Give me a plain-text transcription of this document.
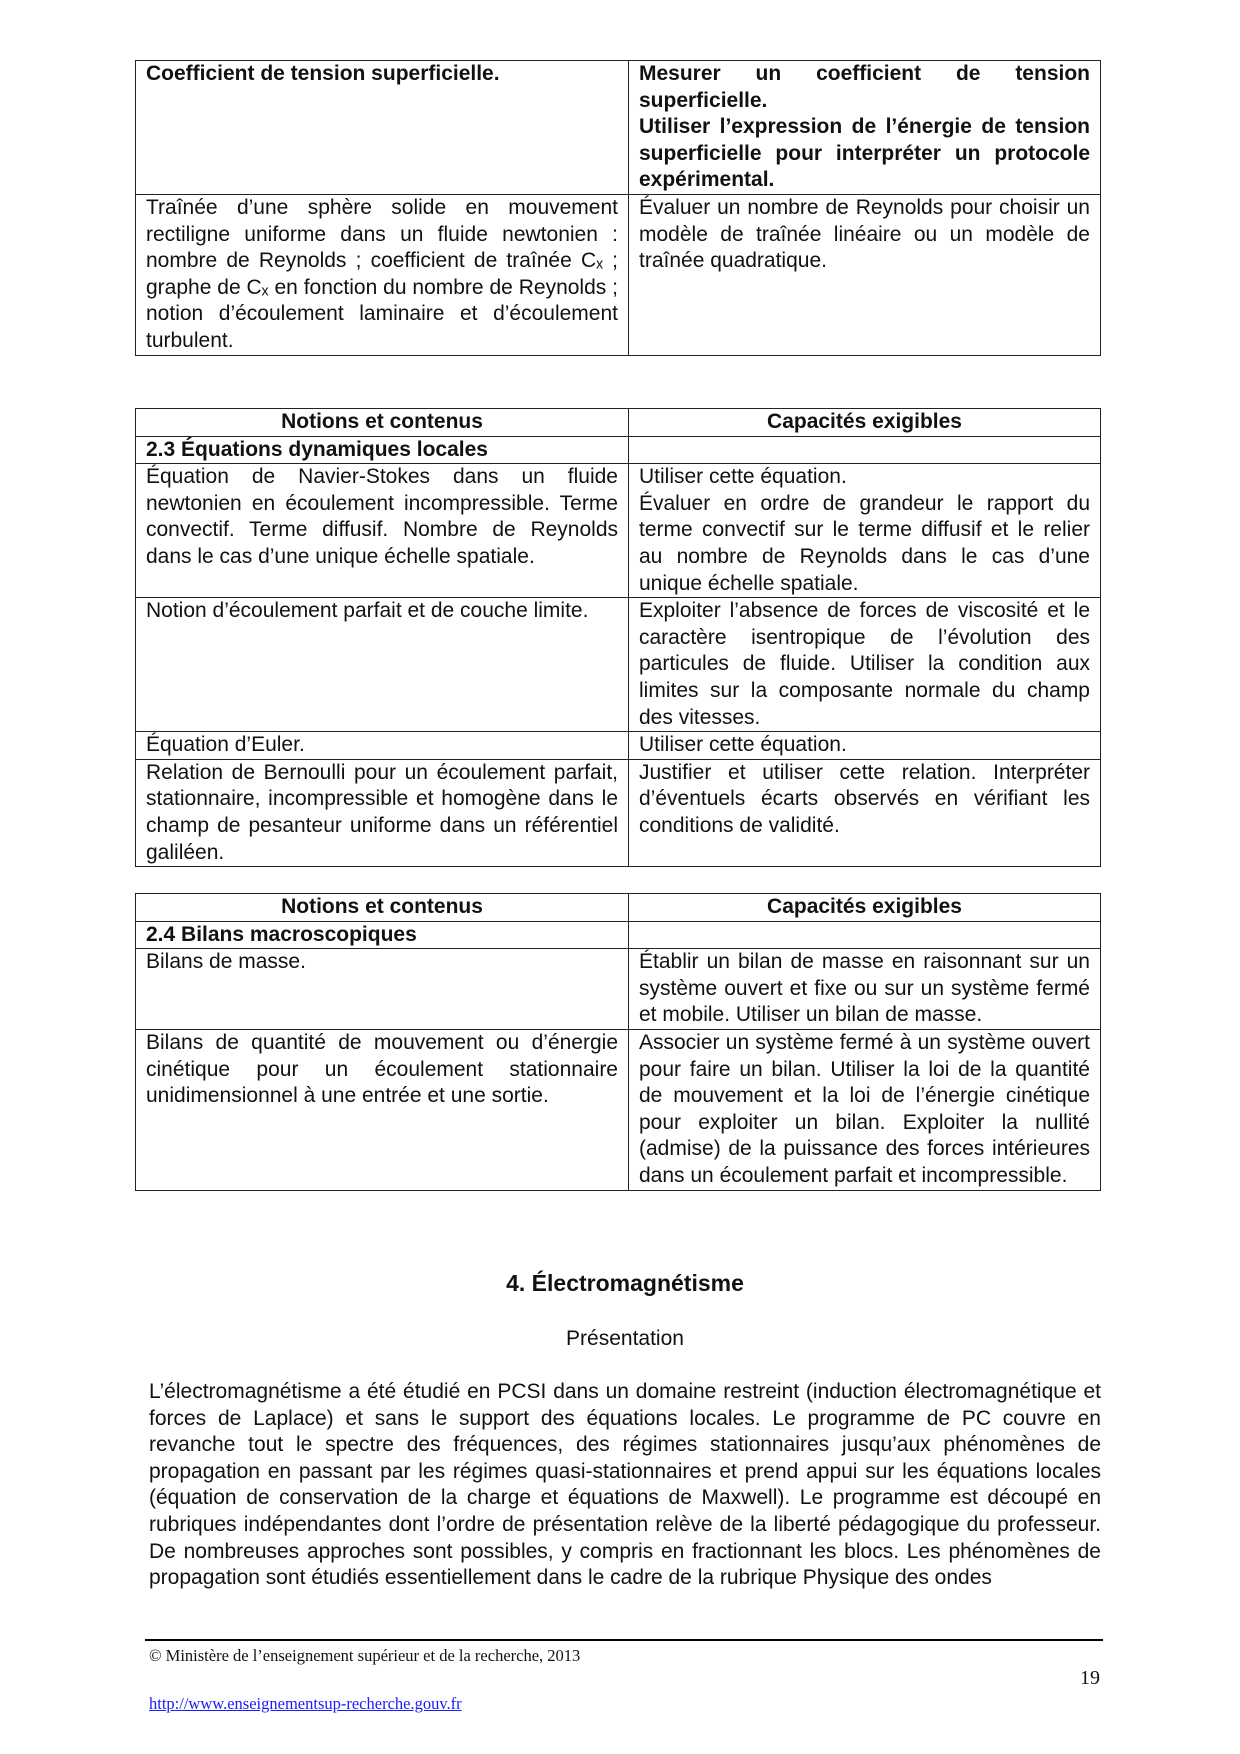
Coefficient de tension superficielle.	Mesurer un coefficient de tension superficielle.
Utiliser l’expression de l’énergie de tension superficielle pour interpréter un protocole expérimental.
Traînée d’une sphère solide en mouvement rectiligne uniforme dans un fluide newtonien : nombre de Reynolds ; coefficient de traînée Cₓ ; graphe de Cₓ en fonction du nombre de Reynolds ; notion d’écoulement laminaire et d’écoulement turbulent.	Évaluer un nombre de Reynolds pour choisir un modèle de traînée linéaire ou un modèle de traînée quadratique.
Notions et contenus	Capacités exigibles
2.3 Équations dynamiques locales	
Équation de Navier-Stokes dans un fluide newtonien en écoulement incompressible. Terme convectif. Terme diffusif. Nombre de Reynolds dans le cas d’une unique échelle spatiale.	Utiliser cette équation.
Évaluer en ordre de grandeur le rapport du terme convectif sur le terme diffusif et le relier au nombre de Reynolds dans le cas d’une unique échelle spatiale.
Notion d’écoulement parfait et de couche limite.	Exploiter l’absence de forces de viscosité et le caractère isentropique de l’évolution des particules de fluide. Utiliser la condition aux limites sur la composante normale du champ des vitesses.
Équation d’Euler.	Utiliser cette équation.
Relation de Bernoulli pour un écoulement parfait, stationnaire, incompressible et homogène dans le champ de pesanteur uniforme dans un référentiel galiléen.	Justifier et utiliser cette relation. Interpréter d’éventuels écarts observés en vérifiant les conditions de validité.
Notions et contenus	Capacités exigibles
2.4 Bilans macroscopiques	
Bilans de masse.	Établir un bilan de masse en raisonnant sur un système ouvert et fixe ou sur un système fermé et mobile. Utiliser un bilan de masse.
Bilans de quantité de mouvement ou d’énergie cinétique pour un écoulement stationnaire unidimensionnel à une entrée et une sortie.	Associer un système fermé à un système ouvert pour faire un bilan. Utiliser la loi de la quantité de mouvement et la loi de l’énergie cinétique pour exploiter un bilan. Exploiter la nullité (admise) de la puissance des forces intérieures dans un écoulement parfait et incompressible.
4. Électromagnétisme
Présentation
L’électromagnétisme a été étudié en PCSI dans un domaine restreint (induction électromagnétique et forces de Laplace) et sans le support des équations locales. Le programme de PC couvre en revanche tout le spectre des fréquences, des régimes stationnaires jusqu’aux phénomènes de propagation en passant par les régimes quasi-stationnaires et prend appui sur les équations locales (équation de conservation de la charge et équations de Maxwell). Le programme est découpé en rubriques indépendantes dont l’ordre de présentation relève de la liberté pédagogique du professeur. De nombreuses approches sont possibles, y compris en fractionnant les blocs. Les phénomènes de propagation sont étudiés essentiellement dans le cadre de la rubrique Physique des ondes
© Ministère de l’enseignement supérieur et de la recherche, 2013
19
http://www.enseignementsup-recherche.gouv.fr
